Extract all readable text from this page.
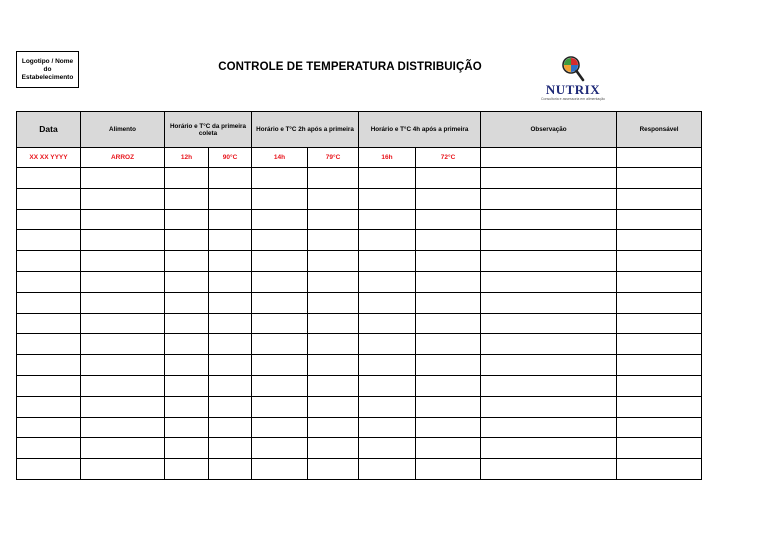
Logotipo / Nome do Estabelecimento
CONTROLE DE TEMPERATURA DISTRIBUIÇÃO
NUTRIX
Consultoria e assessoria em alimentação
Data	Alimento	Horário e T°C da primeira coleta		Horário e T°C 2h após a primeira		Horário e T°C 4h após a primeira		Observação	Responsável
XX XX YYYY	ARROZ	12h	90°C	14h	79°C	16h	72°C		
